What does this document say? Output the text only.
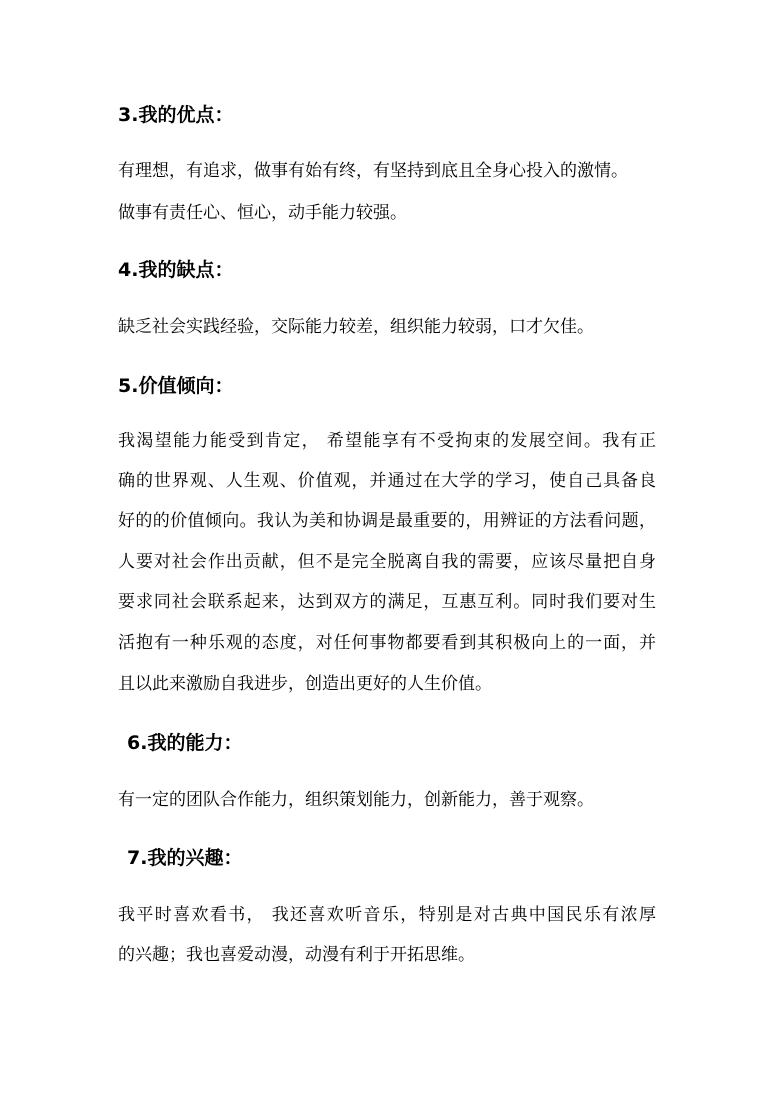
3.我的优点：
有理想，有追求，做事有始有终，有坚持到底且全身心投入的激情。
做事有责任心、恒心，动手能力较强。
4.我的缺点：
缺乏社会实践经验，交际能力较差，组织能力较弱，口才欠佳。
5.价值倾向：
我渴望能力能受到肯定， 希望能享有不受拘束的发展空间。我有正
确的世界观、人生观、价值观，并通过在大学的学习，使自己具备良
好的的价值倾向。我认为美和协调是最重要的，用辨证的方法看问题，
人要对社会作出贡献，但不是完全脱离自我的需要，应该尽量把自身
要求同社会联系起来，达到双方的满足，互惠互利。同时我们要对生
活抱有一种乐观的态度，对任何事物都要看到其积极向上的一面，并
且以此来激励自我进步，创造出更好的人生价值。
6.我的能力：
有一定的团队合作能力，组织策划能力，创新能力，善于观察。
7.我的兴趣：
我平时喜欢看书， 我还喜欢听音乐，特别是对古典中国民乐有浓厚
的兴趣；我也喜爱动漫，动漫有利于开拓思维。
